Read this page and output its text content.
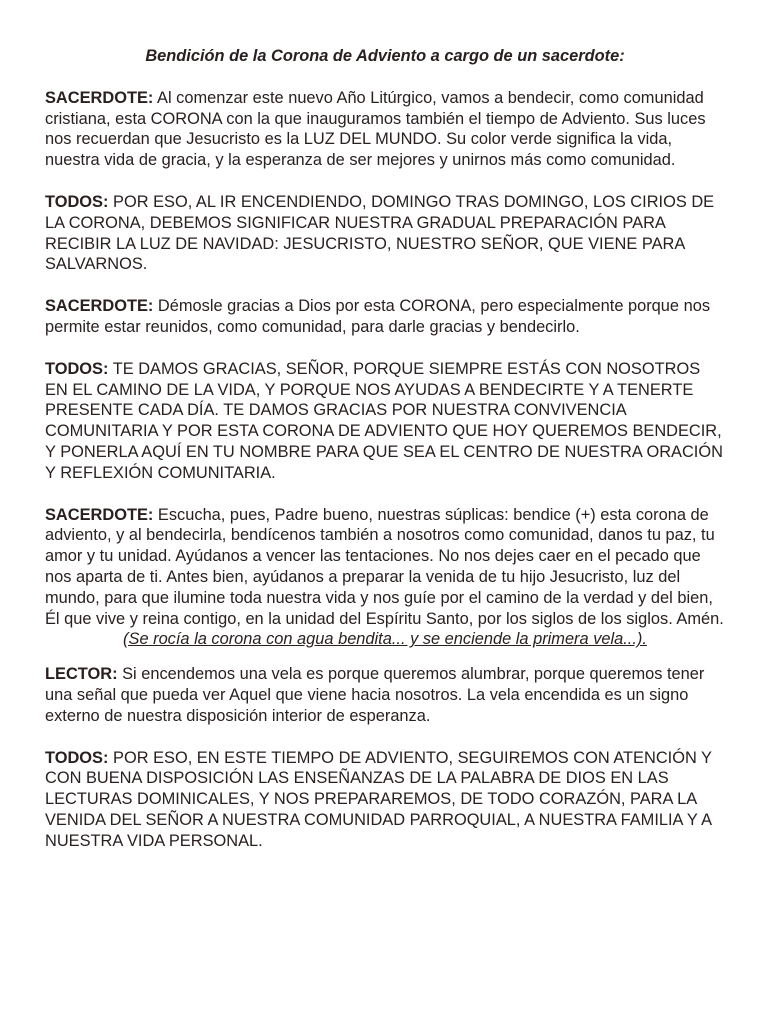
Bendición de la Corona de Adviento a cargo de un sacerdote:
SACERDOTE: Al comenzar este nuevo Año Litúrgico, vamos a bendecir, como comunidad cristiana, esta CORONA con la que inauguramos también el tiempo de Adviento. Sus luces nos recuerdan que Jesucristo es la LUZ DEL MUNDO. Su color verde significa la vida, nuestra vida de gracia, y la esperanza de ser mejores y unirnos más como comunidad.
TODOS: POR ESO, AL IR ENCENDIENDO, DOMINGO TRAS DOMINGO, LOS CIRIOS DE LA CORONA, DEBEMOS SIGNIFICAR NUESTRA GRADUAL PREPARACIÓN PARA RECIBIR LA LUZ DE NAVIDAD: JESUCRISTO, NUESTRO SEÑOR, QUE VIENE PARA SALVARNOS.
SACERDOTE: Démosle gracias a Dios por esta CORONA, pero especialmente porque nos permite estar reunidos, como comunidad, para darle gracias y bendecirlo.
TODOS: TE DAMOS GRACIAS, SEÑOR, PORQUE SIEMPRE ESTÁS CON NOSOTROS EN EL CAMINO DE LA VIDA, Y PORQUE NOS AYUDAS A BENDECIRTE Y A TENERTE PRESENTE CADA DÍA. TE DAMOS GRACIAS POR NUESTRA CONVIVENCIA COMUNITARIA Y POR ESTA CORONA DE ADVIENTO QUE HOY QUEREMOS BENDECIR, Y PONERLA AQUÍ EN TU NOMBRE PARA QUE SEA EL CENTRO DE NUESTRA ORACIÓN Y REFLEXIÓN COMUNITARIA.
SACERDOTE: Escucha, pues, Padre bueno, nuestras súplicas: bendice (+) esta corona de adviento, y al bendecirla, bendícenos también a nosotros como comunidad, danos tu paz, tu amor y tu unidad. Ayúdanos a vencer las tentaciones. No nos dejes caer en el pecado que nos aparta de ti. Antes bien, ayúdanos a preparar la venida de tu hijo Jesucristo, luz del mundo, para que ilumine toda nuestra vida y nos guíe por el camino de la verdad y del bien, Él que vive y reina contigo, en la unidad del Espíritu Santo, por los siglos de los siglos. Amén.
(Se rocía la corona con agua bendita... y se enciende la primera vela...).
LECTOR: Si encendemos una vela es porque queremos alumbrar, porque queremos tener una señal que pueda ver Aquel que viene hacia nosotros. La vela encendida es un signo externo de nuestra disposición interior de esperanza.
TODOS: POR ESO, EN ESTE TIEMPO DE ADVIENTO, SEGUIREMOS CON ATENCIÓN Y CON BUENA DISPOSICIÓN LAS ENSEÑANZAS DE LA PALABRA DE DIOS EN LAS LECTURAS DOMINICALES, Y NOS PREPARAREMOS, DE TODO CORAZÓN, PARA LA VENIDA DEL SEÑOR A NUESTRA COMUNIDAD PARROQUIAL, A NUESTRA FAMILIA Y A NUESTRA VIDA PERSONAL.
